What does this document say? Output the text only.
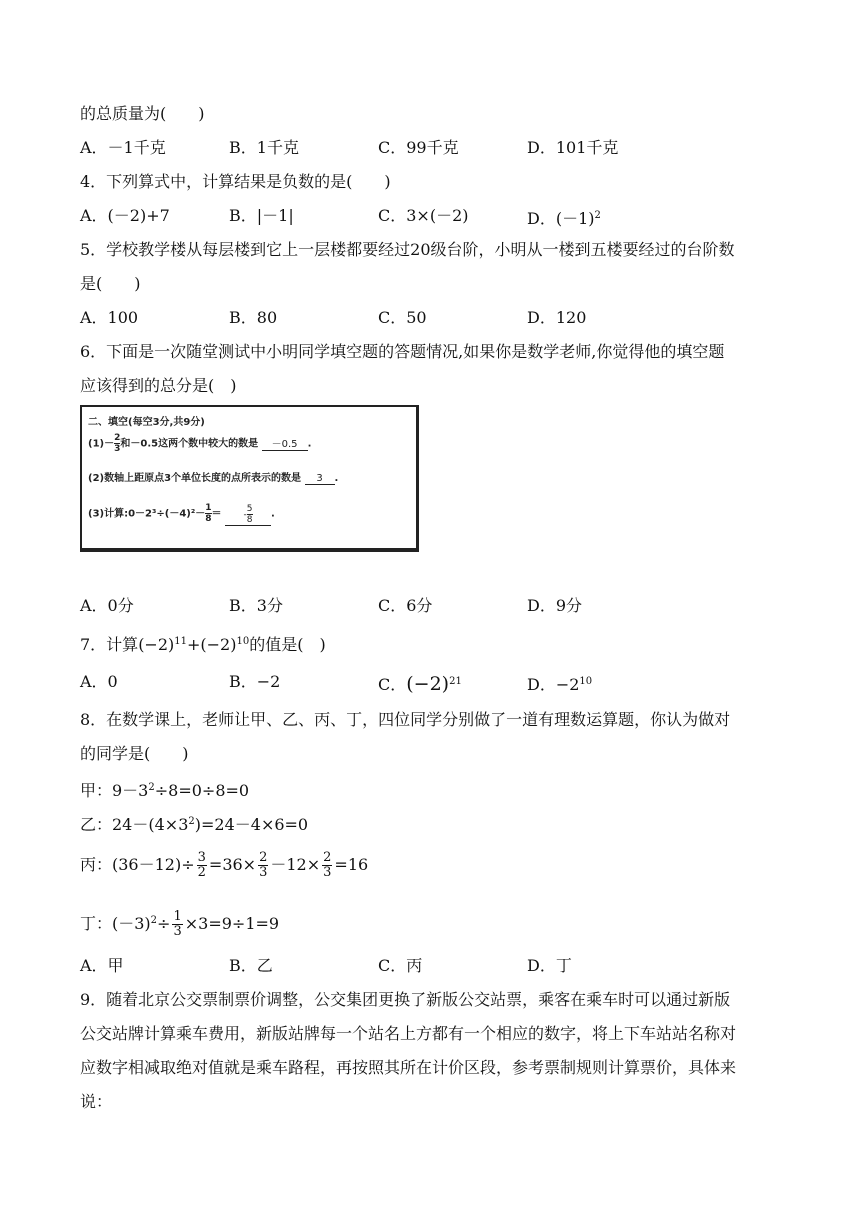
的总质量为(　　)
A．－1千克	B．1千克	C．99千克	D．101千克
4．下列算式中，计算结果是负数的是(　　)
A．(－2)+7	B．|－1|	C．3×(－2)	D．$(-1)^2$
5．学校教学楼从每层楼到它上一层楼都要经过20级台阶，小明从一楼到五楼要经过的台阶数
是(　　)
A．100	B．80	C．50	D．120
6．下面是一次随堂测试中小明同学填空题的答题情况,如果你是数学老师,你觉得他的填空题
应该得到的总分是(　)
二、填空(每空3分,共9分)
$(1)- \frac{2}{3}$ 和－0.5这两个数中较大的数是 －0.5 .
(2)数轴上距原点3个单位长度的点所表示的数是 3 .
(3)计算:0－2³÷(－4)²－ $\frac{1}{8}$ ＝ - $\frac{5}{8}$ .
A．0分	B．3分	C．6分	D．9分
7．计算$(-2)^{11}+(-2)^{10}$的值是(　)
A．0	B．−2	C．$(-2)^{21}$	D．$-2^{10}$
8．在数学课上，老师让甲、乙、丙、丁，四位同学分别做了一道有理数运算题，你认为做对
的同学是(　　)
甲：$9-3^2\div 8=0\div 8=0$
乙：$24-(4\times 3^2)=24-4\times 6=0$
丙：$(36-12)\div \frac{3}{2} =36\times \frac{2}{3} -12\times \frac{2}{3} =16$
丁：$(-3)^2\div \frac{1}{3} \times 3=9\div 1=9$
A．甲	B．乙	C．丙	D．丁
9．随着北京公交票制票价调整，公交集团更换了新版公交站票，乘客在乘车时可以通过新版
公交站牌计算乘车费用，新版站牌每一个站名上方都有一个相应的数字，将上下车站站名称对
应数字相减取绝对值就是乘车路程，再按照其所在计价区段，参考票制规则计算票价，具体来
说：
